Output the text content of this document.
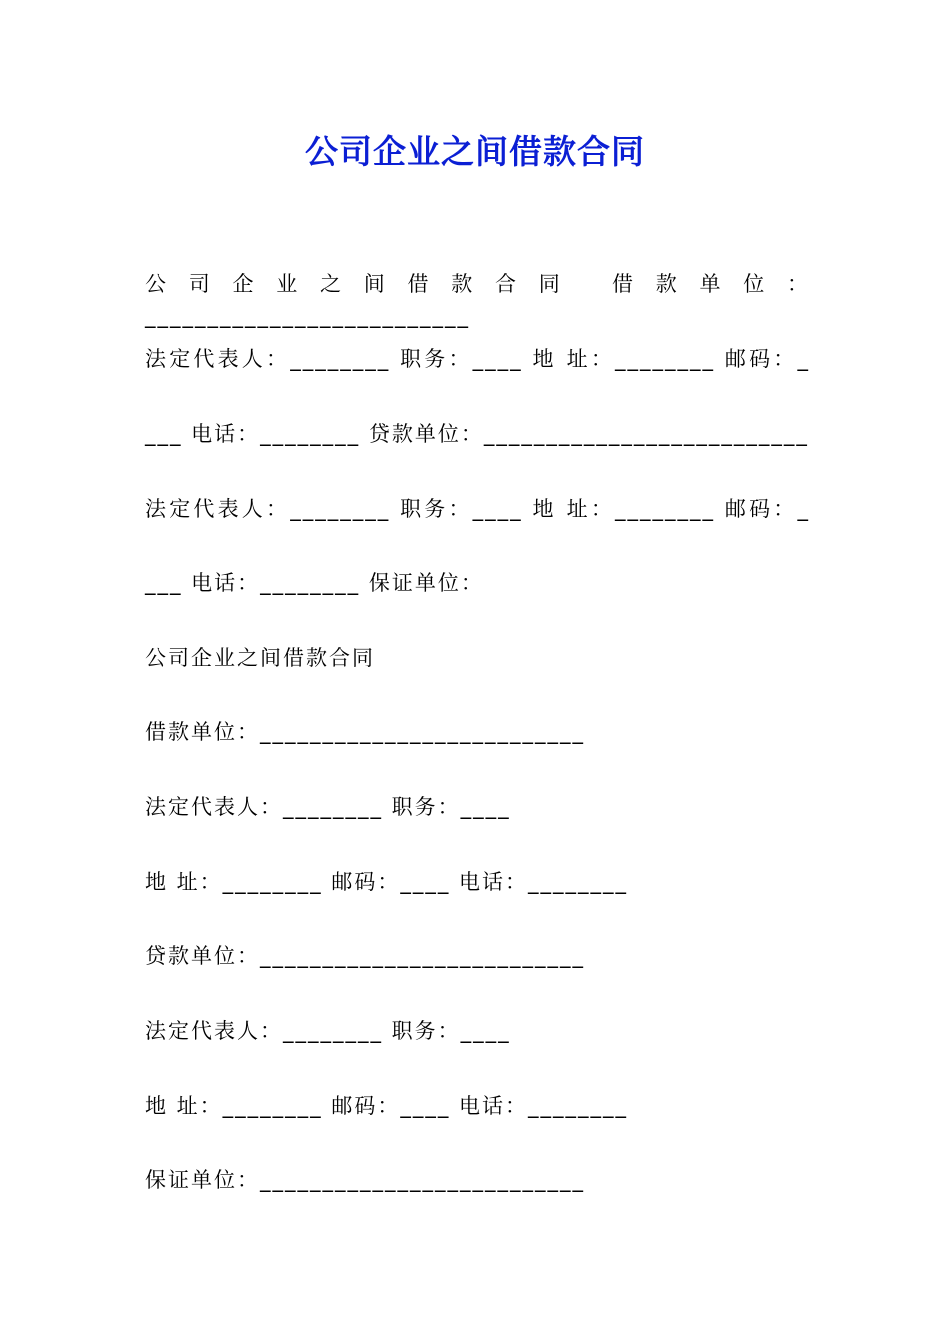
公司企业之间借款合同
公司企业之间借款合同 借款单位：__________________________
法定代表人：________ 职务：____ 地 址：________ 邮码：_
___ 电话：________ 贷款单位：__________________________
法定代表人：________ 职务：____ 地 址：________ 邮码：_
___ 电话：________ 保证单位：
公司企业之间借款合同
借款单位：__________________________
法定代表人：________ 职务：____
地 址：________ 邮码：____ 电话：________
贷款单位：__________________________
法定代表人：________ 职务：____
地 址：________ 邮码：____ 电话：________
保证单位：__________________________
